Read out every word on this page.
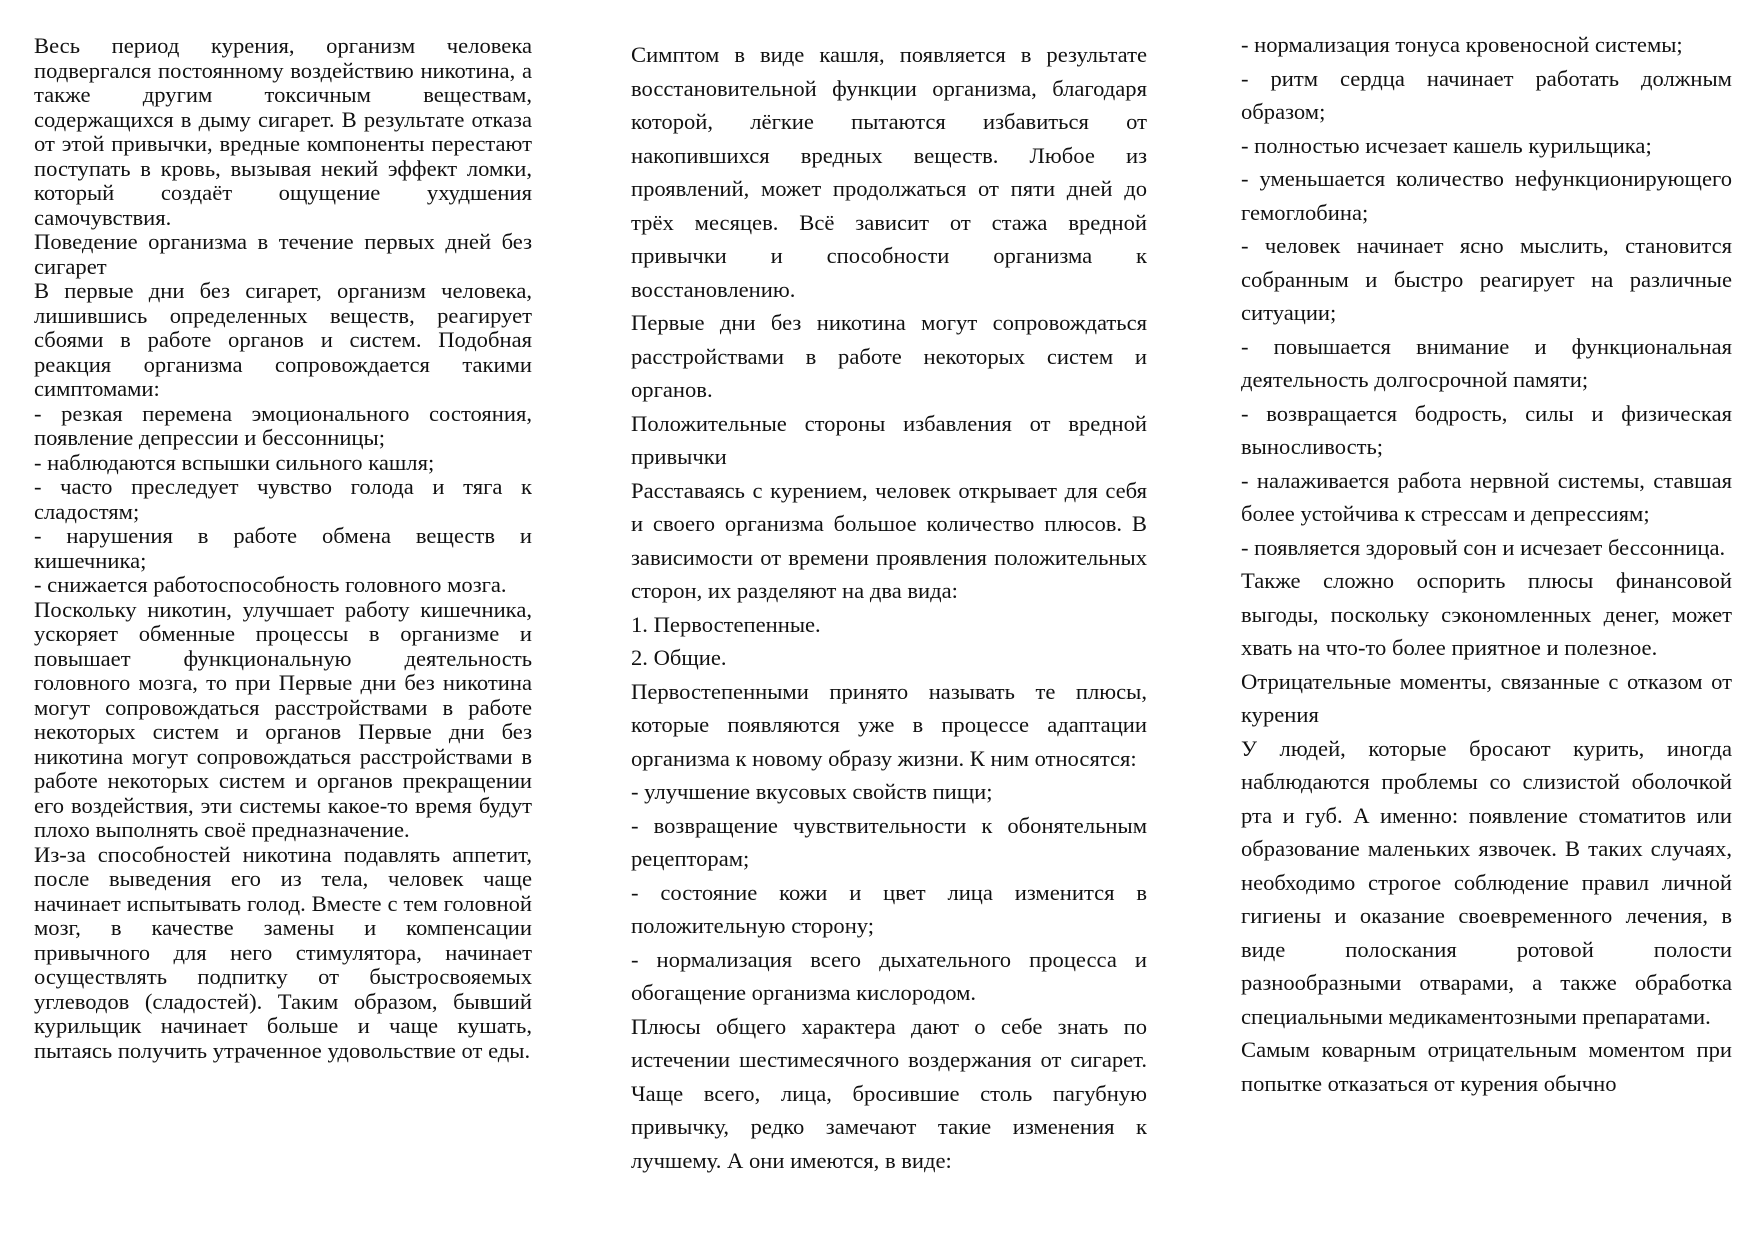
Весь период курения, организм человека подвергался постоянному воздействию никотина, а также другим токсичным веществам, содержащихся в дыму сигарет. В результате отказа от этой привычки, вредные компоненты перестают поступать в кровь, вызывая некий эффект ломки, который создаёт ощущение ухудшения самочувствия.

Поведение организма в течение первых дней без сигарет

В первые дни без сигарет, организм человека, лишившись определенных веществ, реагирует сбоями в работе органов и систем. Подобная реакция организма сопровождается такими симптомами:

- резкая перемена эмоционального состояния, появление депрессии и бессонницы;

- наблюдаются вспышки сильного кашля;

- часто преследует чувство голода и тяга к сладостям;

- нарушения в работе обмена веществ и кишечника;

- снижается работоспособность головного мозга.

Поскольку никотин, улучшает работу кишечника, ускоряет обменные процессы в организме и повышает функциональную деятельность головного мозга, то при Первые дни без никотина могут сопровождаться расстройствами в работе некоторых систем и органов Первые дни без никотина могут сопровождаться расстройствами в работе некоторых систем и органов прекращении его воздействия, эти системы какое-то время будут плохо выполнять своё предназначение.

Из-за способностей никотина подавлять аппетит, после выведения его из тела, человек чаще начинает испытывать голод. Вместе с тем головной мозг, в качестве замены и компенсации привычного для него стимулятора, начинает осуществлять подпитку от быстросвояемых углеводов (сладостей). Таким образом, бывший курильщик начинает больше и чаще кушать, пытаясь получить утраченное удовольствие от еды.

Симптом в виде кашля, появляется в результате восстановительной функции организма, благодаря которой, лёгкие пытаются избавиться от накопившихся вредных веществ. Любое из проявлений, может продолжаться от пяти дней до трёх месяцев. Всё зависит от стажа вредной привычки и способности организма к восстановлению.

Первые дни без никотина могут сопровождаться расстройствами в работе некоторых систем и органов.

Положительные стороны избавления от вредной привычки

Расставаясь с курением, человек открывает для себя и своего организма большое количество плюсов. В зависимости от времени проявления положительных сторон, их разделяют на два вида:

1. Первостепенные.

2. Общие.

Первостепенными принято называть те плюсы, которые появляются уже в процессе адаптации организма к новому образу жизни. К ним относятся:

- улучшение вкусовых свойств пищи;

- возвращение чувствительности к обонятельным рецепторам;

- состояние кожи и цвет лица изменится в положительную сторону;

- нормализация всего дыхательного процесса и обогащение организма кислородом.

Плюсы общего характера дают о себе знать по истечении шестимесячного воздержания от сигарет. Чаще всего, лица, бросившие столь пагубную привычку, редко замечают такие изменения к лучшему. А они имеются, в виде:

- нормализация тонуса кровеносной системы;

- ритм сердца начинает работать должным образом;

- полностью исчезает кашель курильщика;

- уменьшается количество нефункционирующего гемоглобина;

- человек начинает ясно мыслить, становится собранным и быстро реагирует на различные ситуации;

- повышается внимание и функциональная деятельность долгосрочной памяти;

- возвращается бодрость, силы и физическая выносливость;

- налаживается работа нервной системы, ставшая более устойчива к стрессам и депрессиям;

- появляется здоровый сон и исчезает бессонница.

Также сложно оспорить плюсы финансовой выгоды, поскольку сэкономленных денег, может хвать на что-то более приятное и полезное.

Отрицательные моменты, связанные с отказом от курения

У людей, которые бросают курить, иногда наблюдаются проблемы со слизистой оболочкой рта и губ. А именно: появление стоматитов или образование маленьких язвочек. В таких случаях, необходимо строгое соблюдение правил личной гигиены и оказание своевременного лечения, в виде полоскания ротовой полости разнообразными отварами, а также обработка специальными медикаментозными препаратами.

Самым коварным отрицательным моментом при попытке отказаться от курения обычно
